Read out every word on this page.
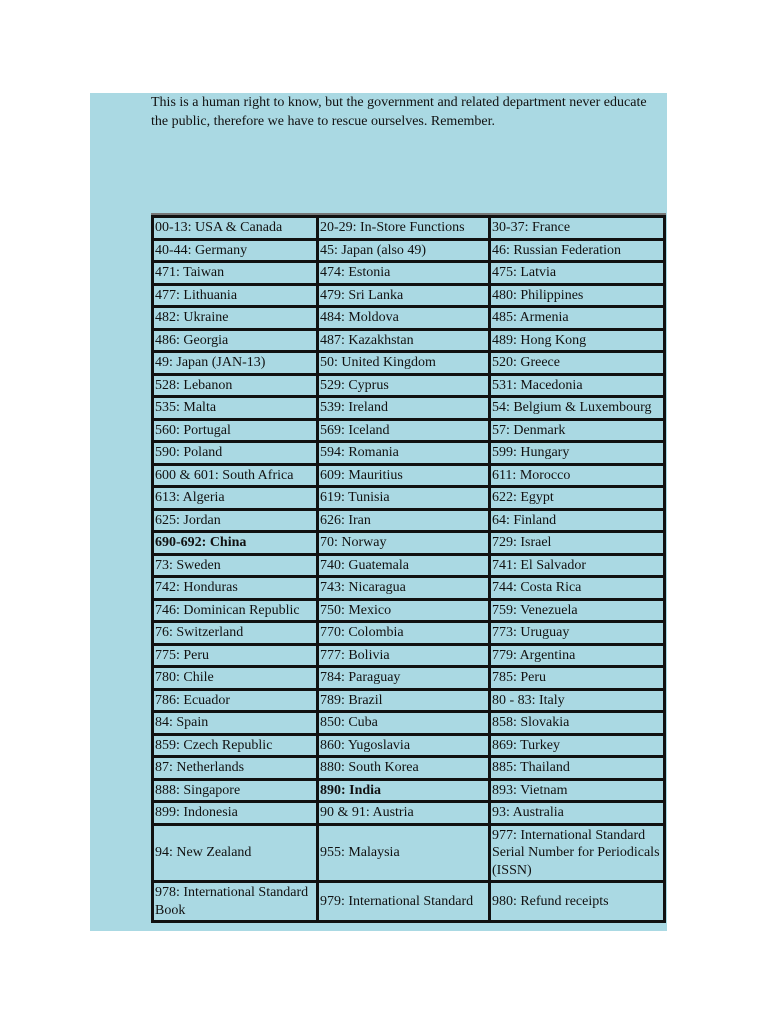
This is a human right to know, but the government and related department never educate the public, therefore we have to rescue ourselves. Remember.
00-13: USA & Canada	20-29: In-Store Functions	30-37: France
40-44: Germany	45: Japan (also 49)	46: Russian Federation
471: Taiwan	474: Estonia	475: Latvia
477: Lithuania	479: Sri Lanka	480: Philippines
482: Ukraine	484: Moldova	485: Armenia
486: Georgia	487: Kazakhstan	489: Hong Kong
49: Japan (JAN-13)	50: United Kingdom	520: Greece
528: Lebanon	529: Cyprus	531: Macedonia
535: Malta	539: Ireland	54: Belgium & Luxembourg
560: Portugal	569: Iceland	57: Denmark
590: Poland	594: Romania	599: Hungary
600 & 601: South Africa	609: Mauritius	611: Morocco
613: Algeria	619: Tunisia	622: Egypt
625: Jordan	626: Iran	64: Finland
690-692: China	70: Norway	729: Israel
73: Sweden	740: Guatemala	741: El Salvador
742: Honduras	743: Nicaragua	744: Costa Rica
746: Dominican Republic	750: Mexico	759: Venezuela
76: Switzerland	770: Colombia	773: Uruguay
775: Peru	777: Bolivia	779: Argentina
780: Chile	784: Paraguay	785: Peru
786: Ecuador	789: Brazil	80 - 83: Italy
84: Spain	850: Cuba	858: Slovakia
859: Czech Republic	860: Yugoslavia	869: Turkey
87: Netherlands	880: South Korea	885: Thailand
888: Singapore	890: India	893: Vietnam
899: Indonesia	90 & 91: Austria	93: Australia
94: New Zealand	955: Malaysia	977: International Standard Serial Number for Periodicals (ISSN)
978: International Standard Book	979: International Standard	980: Refund receipts
